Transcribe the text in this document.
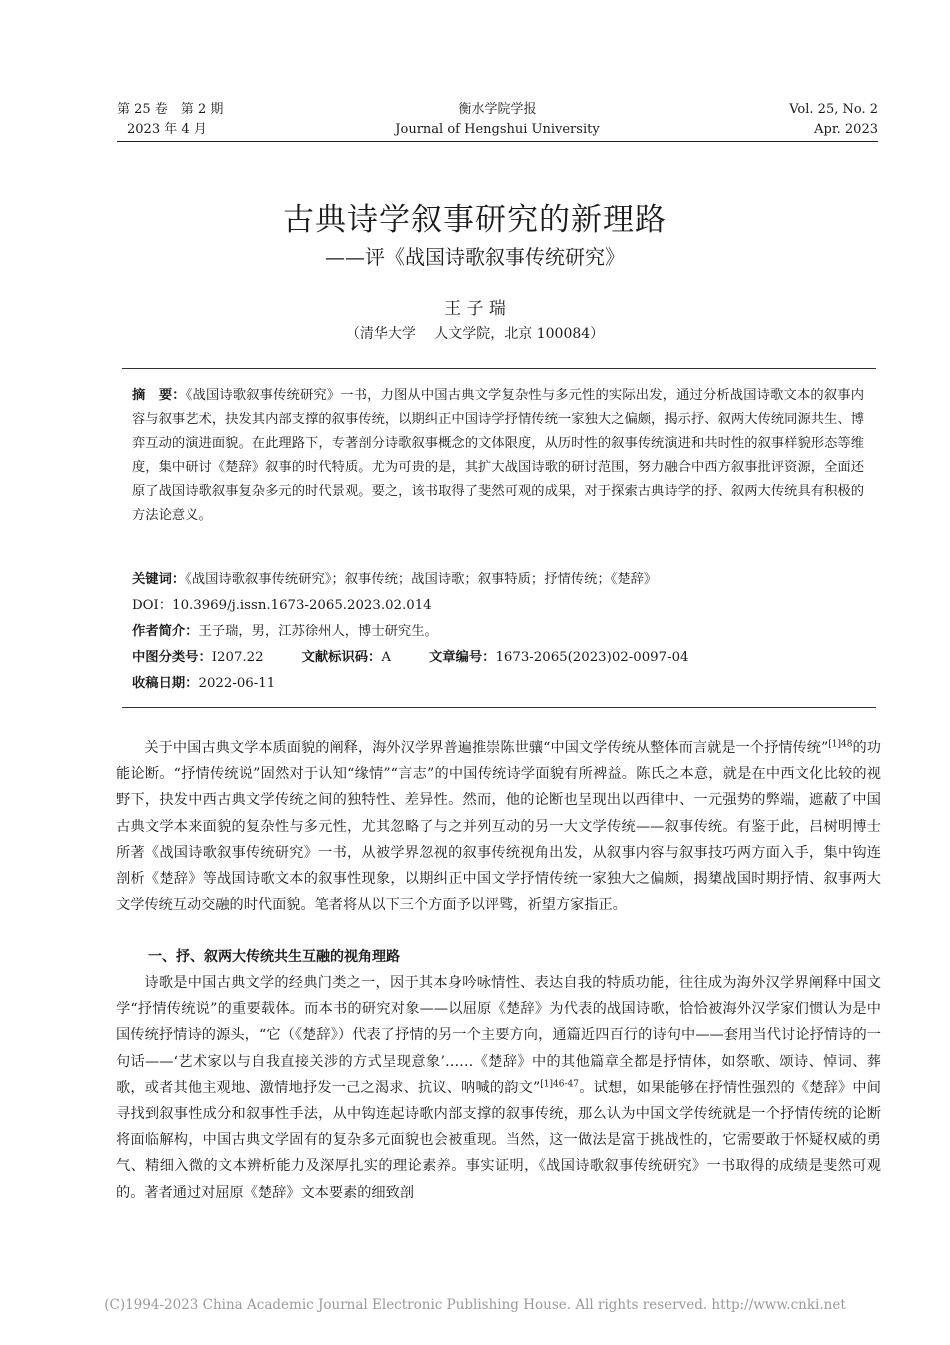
第 25 卷　第 2 期
2023 年 4 月
衡水学院学报
Journal of Hengshui University
Vol. 25, No. 2
Apr. 2023
古典诗学叙事研究的新理路
——评《战国诗歌叙事传统研究》
王 子 瑞
（清华大学　 人文学院，北京 100084）
摘　要：《战国诗歌叙事传统研究》一书，力图从中国古典文学复杂性与多元性的实际出发，通过分析战国诗歌文本的叙事内容与叙事艺术，抉发其内部支撑的叙事传统，以期纠正中国诗学抒情传统一家独大之偏颇，揭示抒、叙两大传统同源共生、博弈互动的演进面貌。在此理路下，专著剖分诗歌叙事概念的文体限度，从历时性的叙事传统演进和共时性的叙事样貌形态等维度，集中研讨《楚辞》叙事的时代特质。尤为可贵的是，其扩大战国诗歌的研讨范围，努力融合中西方叙事批评资源，全面还原了战国诗歌叙事复杂多元的时代景观。要之，该书取得了斐然可观的成果，对于探索古典诗学的抒、叙两大传统具有积极的方法论意义。
关键词：《战国诗歌叙事传统研究》；叙事传统；战国诗歌；叙事特质；抒情传统；《楚辞》
DOI：10.3969/j.issn.1673-2065.2023.02.014
作者简介：王子瑞，男，江苏徐州人，博士研究生。
中图分类号：I207.22	文献标识码：A	文章编号：1673-2065(2023)02-0097-04
收稿日期：2022-06-11

关于中国古典文学本质面貌的阐释，海外汉学界普遍推崇陈世骧“中国文学传统从整体而言就是一个抒情传统”$^{[1]48}$的功能论断。“抒情传统说”固然对于认知“缘情”“言志”的中国传统诗学面貌有所裨益。陈氏之本意，就是在中西文化比较的视野下，抉发中西古典文学传统之间的独特性、差异性。然而，他的论断也呈现出以西律中、一元强势的弊端，遮蔽了中国古典文学本来面貌的复杂性与多元性，尤其忽略了与之并列互动的另一大文学传统——叙事传统。有鉴于此，吕树明博士所著《战国诗歌叙事传统研究》一书，从被学界忽视的叙事传统视角出发，从叙事内容与叙事技巧两方面入手，集中钩连剖析《楚辞》等战国诗歌文本的叙事性现象，以期纠正中国文学抒情传统一家独大之偏颇，揭橥战国时期抒情、叙事两大文学传统互动交融的时代面貌。笔者将从以下三个方面予以评骘，祈望方家指正。

一、抒、叙两大传统共生互融的视角理路

诗歌是中国古典文学的经典门类之一，因于其本身吟咏情性、表达自我的特质功能，往往成为海外汉学界阐释中国文学“抒情传统说”的重要载体。而本书的研究对象——以屈原《楚辞》为代表的战国诗歌，恰恰被海外汉学家们惯认为是中国传统抒情诗的源头，“它（《楚辞》）代表了抒情的另一个主要方向，通篇近四百行的诗句中——套用当代讨论抒情诗的一句话——‘艺术家以与自我直接关涉的方式呈现意象’……《楚辞》中的其他篇章全都是抒情体，如祭歌、颂诗、悼词、葬歌，或者其他主观地、激情地抒发一己之渴求、抗议、呐喊的韵文”$^{[1]46-47}$。试想，如果能够在抒情性强烈的《楚辞》中间寻找到叙事性成分和叙事性手法，从中钩连起诗歌内部支撑的叙事传统，那么认为中国文学传统就是一个抒情传统的论断将面临解构，中国古典文学固有的复杂多元面貌也会被重现。当然，这一做法是富于挑战性的，它需要敢于怀疑权威的勇气、精细入微的文本辨析能力及深厚扎实的理论素养。事实证明，《战国诗歌叙事传统研究》一书取得的成绩是斐然可观的。著者通过对屈原《楚辞》文本要素的细致剖

(C)1994-2023 China Academic Journal Electronic Publishing House. All rights reserved. http://www.cnki.net
